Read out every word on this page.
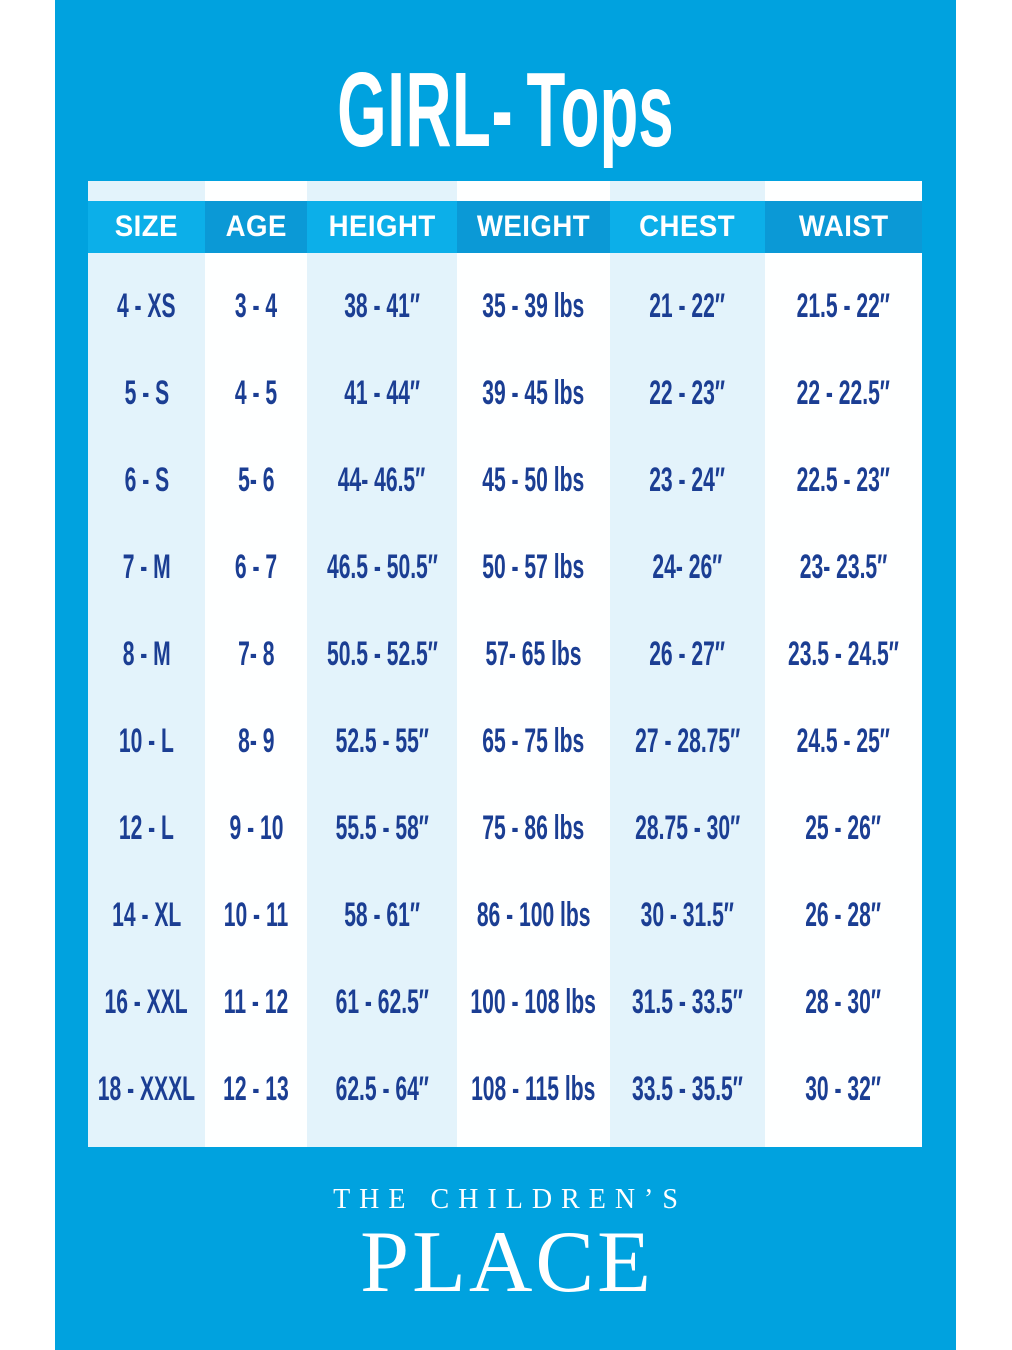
GIRL- Tops
SIZE
4 - XS
5 - S
6 - S
7 - M
8 - M
10 - L
12 - L
14 - XL
16 - XXL
18 - XXXL
AGE
3 - 4
4 - 5
5- 6
6 - 7
7- 8
8- 9
9 - 10
10 - 11
11 - 12
12 - 13
HEIGHT
38 - 41″
41 - 44″
44- 46.5″
46.5 - 50.5″
50.5 - 52.5″
52.5 - 55″
55.5 - 58″
58 - 61″
61 - 62.5″
62.5 - 64″
WEIGHT
35 - 39 lbs
39 - 45 lbs
45 - 50 lbs
50 - 57 lbs
57- 65 lbs
65 - 75 lbs
75 - 86 lbs
86 - 100 lbs
100 - 108 lbs
108 - 115 lbs
CHEST
21 - 22″
22 - 23″
23 - 24″
24- 26″
26 - 27″
27 - 28.75″
28.75 - 30″
30 - 31.5″
31.5 - 33.5″
33.5 - 35.5″
WAIST
21.5 - 22″
22 - 22.5″
22.5 - 23″
23- 23.5″
23.5 - 24.5″
24.5 - 25″
25 - 26″
26 - 28″
28 - 30″
30 - 32″
THE CHILDREN’S
PLACE
